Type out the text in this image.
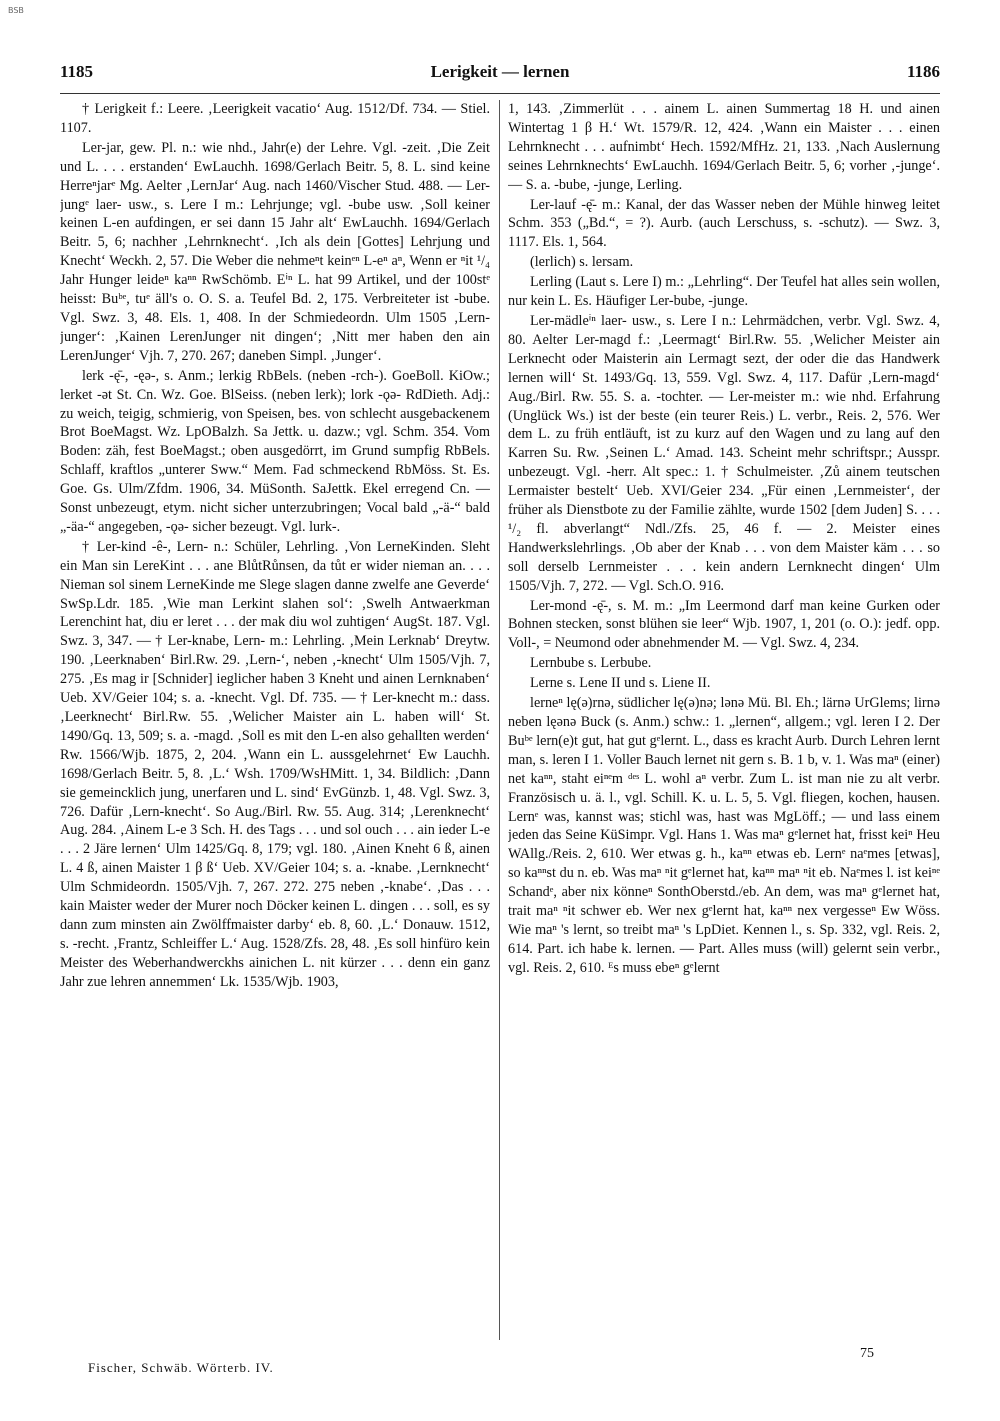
BSB
1185	Lerigkeit — lernen	1186

† Lerigkeit f.: Leere. ‚Leerigkeit vacatio‘ Aug. 1512/Df. 734. — Stiel. 1107.

Ler-jar, gew. Pl. n.: wie nhd., Jahr(e) der Lehre. Vgl. -zeit. ‚Die Zeit und L. . . . erstanden‘ EwLauchh. 1698/Gerlach Beitr. 5, 8. L. sind keine Herreⁿjarᵉ Mg. Aelter ‚LernJar‘ Aug. nach 1460/Vischer Stud. 488. — Ler-jungᵉ laer- usw., s. Lere I m.: Lehrjunge; vgl. -bube usw. ‚Soll keiner keinen L-en aufdingen, er sei dann 15 Jahr alt‘ EwLauchh. 1694/Gerlach Beitr. 5, 6; nachher ‚Lehrnknecht‘. ‚Ich als dein [Gottes] Lehrjung und Knecht‘ Weckh. 2, 57. Die Weber die nehmeⁿt keinᵉⁿ L-eⁿ aⁿ, Wenn er ⁿit ¹/₄ Jahr Hunger leideⁿ kaⁿⁿ RwSchömb. Eⁱⁿ L. hat 99 Artikel, und der 100stᵉ heisst: Buᵇᵉ, tuᵉ äll's o. O. S. a. Teufel Bd. 2, 175. Verbreiteter ist -bube. Vgl. Swz. 3, 48. Els. 1, 408. In der Schmiedeordn. Ulm 1505 ‚Lern-junger‘: ‚Kainen LerenJunger nit dingen‘; ‚Nitt mer haben den ain LerenJunger‘ Vjh. 7, 270. 267; daneben Simpl. ‚Junger‘.

lerk -ę̄-, -ęə-, s. Anm.; lerkig RbBels. (neben -rch-). GoeBoll. KiOw.; lerket -ət St. Cn. Wz. Goe. BlSeiss. (neben lerk); lork -ǫə- RdDieth. Adj.: zu weich, teigig, schmierig, von Speisen, bes. von schlecht ausgebackenem Brot BoeMagst. Wz. LpOBalzh. Sa Jettk. u. dazw.; vgl. Schm. 354. Vom Boden: zäh, fest BoeMagst.; oben ausgedörrt, im Grund sumpfig RbBels. Schlaff, kraftlos „unterer Sww.“ Mem. Fad schmeckend RbMöss. St. Es. Goe. Gs. Ulm/Zfdm. 1906, 34. MüSonth. SaJettk. Ekel erregend Cn. — Sonst unbezeugt, etym. nicht sicher unterzubringen; Vocal bald „-ä-“ bald „-äa-“ angegeben, -ǫə- sicher bezeugt. Vgl. lurk-.

† Ler-kind -ê-, Lern- n.: Schüler, Lehrling. ‚Von LerneKinden. Sleht ein Man sin LereKint . . . ane BlůtRůnsen, da tůt er wider nieman an. . . . Nieman sol sinem LerneKinde me Slege slagen danne zwelfe ane Geverde‘ SwSp.Ldr. 185. ‚Wie man Lerkint slahen sol‘: ‚Swelh Antwaerkman Lerenchint hat, diu er leret . . . der mak diu wol zuhtigen‘ AugSt. 187. Vgl. Swz. 3, 347. — † Ler-knabe, Lern- m.: Lehrling. ‚Mein Lerknab‘ Dreytw. 190. ‚Leerknaben‘ Birl.Rw. 29. ‚Lern-‘, neben ‚-knecht‘ Ulm 1505/Vjh. 7, 275. ‚Es mag ir [Schnider] ieglicher haben 3 Kneht und ainen Lernknaben‘ Ueb. XV/Geier 104; s. a. -knecht. Vgl. Df. 735. — † Ler-knecht m.: dass. ‚Leerknecht‘ Birl.Rw. 55. ‚Welicher Maister ain L. haben will‘ St. 1490/Gq. 13, 509; s. a. -magd. ‚Soll es mit den L-en also gehallten werden‘ Rw. 1566/Wjb. 1875, 2, 204. ‚Wann ein L. aussgelehrnet‘ Ew Lauchh. 1698/Gerlach Beitr. 5, 8. ‚L.‘ Wsh. 1709/WsHMitt. 1, 34. Bildlich: ‚Dann sie gemeincklich jung, unerfaren und L. sind‘ EvGünzb. 1, 48. Vgl. Swz. 3, 726. Dafür ‚Lern-knecht‘. So Aug./Birl. Rw. 55. Aug. 314; ‚Lerenknecht‘ Aug. 284. ‚Ainem L-e 3 Sch. H. des Tags . . . und sol ouch . . . ain ieder L-e . . . 2 Järe lernen‘ Ulm 1425/Gq. 8, 179; vgl. 180. ‚Ainen Kneht 6 ß, ainen L. 4 ß, ainen Maister 1 β ß‘ Ueb. XV/Geier 104; s. a. -knabe. ‚Lernknecht‘ Ulm Schmideordn. 1505/Vjh. 7, 267. 272. 275 neben ‚-knabe‘. ‚Das . . . kain Maister weder der Murer noch Döcker keinen L. dingen . . . soll, es sy dann zum minsten ain Zwölffmaister darby‘ eb. 8, 60. ‚L.‘ Donauw. 1512, s. -recht. ‚Frantz, Schleiffer L.‘ Aug. 1528/Zfs. 28, 48. ‚Es soll hinfüro kein Meister des Weberhandwerckhs ainichen L. nit kürzer . . . denn ein ganz Jahr zue lehren annemmen‘ Lk. 1535/Wjb. 1903,

1, 143. ‚Zimmerlüt . . . ainem L. ainen Summertag 18 H. und ainen Wintertag 1 β H.‘ Wt. 1579/R. 12, 424. ‚Wann ein Maister . . . einen Lehrnknecht . . . aufnimbt‘ Hech. 1592/MfHz. 21, 133. ‚Nach Auslernung seines Lehrnknechts‘ EwLauchh. 1694/Gerlach Beitr. 5, 6; vorher ‚-junge‘. — S. a. -bube, -junge, Lerling.

Ler-lauf -ę̄- m.: Kanal, der das Wasser neben der Mühle hinweg leitet Schm. 353 („Bd.“, = ?). Aurb. (auch Lerschuss, s. -schutz). — Swz. 3, 1117. Els. 1, 564.

(lerlich) s. lersam.

Lerling (Laut s. Lere I) m.: „Lehrling“. Der Teufel hat alles sein wollen, nur kein L. Es. Häufiger Ler-bube, -junge.

Ler-mädleⁱⁿ laer- usw., s. Lere I n.: Lehrmädchen, verbr. Vgl. Swz. 4, 80. Aelter Ler-magd f.: ‚Leermagt‘ Birl.Rw. 55. ‚Welicher Meister ain Lerknecht oder Maisterin ain Lermagt sezt, der oder die das Handwerk lernen will‘ St. 1493/Gq. 13, 559. Vgl. Swz. 4, 117. Dafür ‚Lern-magd‘ Aug./Birl. Rw. 55. S. a. -tochter. — Ler-meister m.: wie nhd. Erfahrung (Unglück Ws.) ist der beste (ein teurer Reis.) L. verbr., Reis. 2, 576. Wer dem L. zu früh entläuft, ist zu kurz auf den Wagen und zu lang auf den Karren Su. Rw. ‚Seinen L.‘ Amad. 143. Scheint mehr schriftspr.; Ausspr. unbezeugt. Vgl. -herr. Alt spec.: 1. † Schulmeister. ‚Zů ainem teutschen Lermaister bestelt‘ Ueb. XVI/Geier 234. „Für einen ‚Lernmeister‘, der früher als Dienstbote zu der Familie zählte, wurde 1502 [dem Juden] S. . . . ¹/₂ fl. abverlangt“ Ndl./Zfs. 25, 46 f. — 2. Meister eines Handwerkslehrlings. ‚Ob aber der Knab . . . von dem Maister käm . . . so soll derselb Lernmeister . . . kein andern Lernknecht dingen‘ Ulm 1505/Vjh. 7, 272. — Vgl. Sch.O. 916.

Ler-mond -ę̄-, s. M. m.: „Im Leermond darf man keine Gurken oder Bohnen stecken, sonst blühen sie leer“ Wjb. 1907, 1, 201 (o. O.): jedf. opp. Voll-, = Neumond oder abnehmender M. — Vgl. Swz. 4, 234.

Lernbube s. Lerbube.

Lerne s. Lene II und s. Liene II.

lerneⁿ lę(ə)rnə, südlicher lę(ə)nə; lənə Mü. Bl. Eh.; lärnə UrGlems; lirnə neben lęənə Buck (s. Anm.) schw.: 1. „lernen“, allgem.; vgl. leren I 2. Der Buᵇᵉ lern(e)t gut, hat gut gᵉlernt. L., dass es kracht Aurb. Durch Lehren lernt man, s. leren I 1. Voller Bauch lernet nit gern s. B. 1 b, v. 1. Was maⁿ (einer) net kaⁿⁿ, staht eiⁿᵉm ᵈᵉˢ L. wohl aⁿ verbr. Zum L. ist man nie zu alt verbr. Französisch u. ä. l., vgl. Schill. K. u. L. 5, 5. Vgl. fliegen, kochen, hausen. Lernᵉ was, kannst was; stichl was, hast was MgLöff.; — und lass einem jeden das Seine KüSimpr. Vgl. Hans 1. Was maⁿ gᵉlernet hat, frisst keiⁿ Heu WAllg./Reis. 2, 610. Wer etwas g. h., kaⁿⁿ etwas eb. Lernᵉ naᵉmes [etwas], so kaⁿⁿst du n. eb. Was maⁿ ⁿit gᵉlernet hat, kaⁿⁿ maⁿ ⁿit eb. Naᵉmes l. ist keiⁿᵉ Schandᵉ, aber nix könneⁿ SonthOberstd./eb. An dem, was maⁿ gᵉlernet hat, trait maⁿ ⁿit schwer eb. Wer nex gᵉlernt hat, kaⁿⁿ nex vergesseⁿ Ew Wöss. Wie maⁿ 's lernt, so treibt maⁿ 's LpDiet. Kennen l., s. Sp. 332, vgl. Reis. 2, 614. Part. ich habe k. lernen. — Part. Alles muss (will) gelernt sein verbr., vgl. Reis. 2, 610. ᴱs muss ebeⁿ gᵉlernt

Fischer, Schwäb. Wörterb. IV.
75
